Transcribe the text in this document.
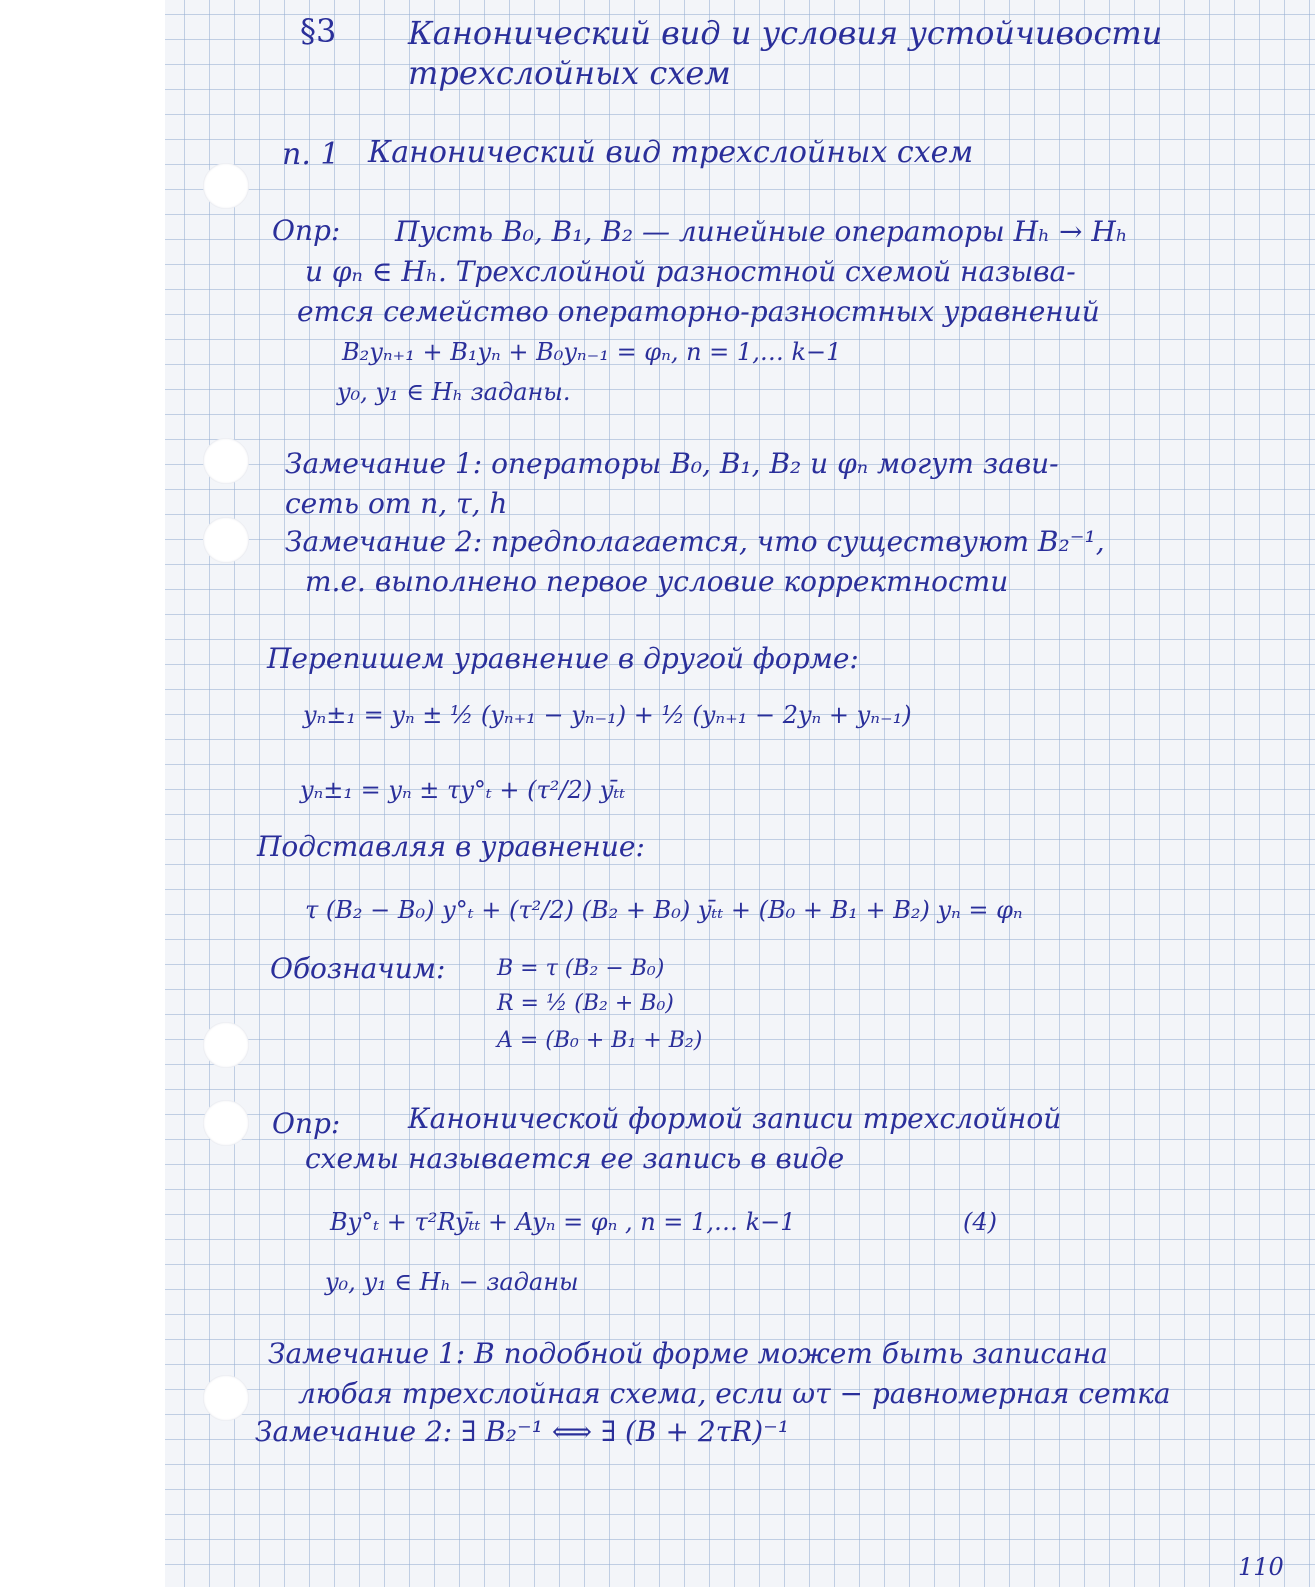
§3 Канонический вид и условия устойчивости
трехслойных схем
п. 1 Канонический вид трехслойных схем
Опр: Пусть B₀, B₁, B₂ — линейные операторы Hₕ → Hₕ
и φₙ ∈ Hₕ. Трехслойной разностной схемой называ-
ется семейство операторно-разностных уравнений
B₂yₙ₊₁ + B₁yₙ + B₀yₙ₋₁ = φₙ, n = 1,… k−1
y₀, y₁ ∈ Hₕ заданы.
Замечание 1: операторы B₀, B₁, B₂ и φₙ могут зави-
сеть от n, τ, h
Замечание 2: предполагается, что существуют B₂⁻¹,
т.е. выполнено первое условие корректности
Перепишем уравнение в другой форме:
yₙ±₁ = yₙ ± ½ (yₙ₊₁ − yₙ₋₁) + ½ (yₙ₊₁ − 2yₙ + yₙ₋₁)
yₙ±₁ = yₙ ± τy°ₜ + (τ²/2) yₜ̄ₜ
Подставляя в уравнение:
τ (B₂ − B₀) y°ₜ + (τ²/2) (B₂ + B₀) yₜ̄ₜ + (B₀ + B₁ + B₂) yₙ = φₙ
Обозначим: B = τ (B₂ − B₀)
R = ½ (B₂ + B₀)
A = (B₀ + B₁ + B₂)
Опр: Канонической формой записи трехслойной
схемы называется ее запись в виде
By°ₜ + τ²Ryₜ̄ₜ + Ayₙ = φₙ , n = 1,… k−1	(4)
y₀, y₁ ∈ Hₕ − заданы
Замечание 1: В подобной форме может быть записана
любая трехслойная схема, если ωτ − равномерная сетка
Замечание 2: ∃ B₂⁻¹ ⟺ ∃ (B + 2τR)⁻¹
110
